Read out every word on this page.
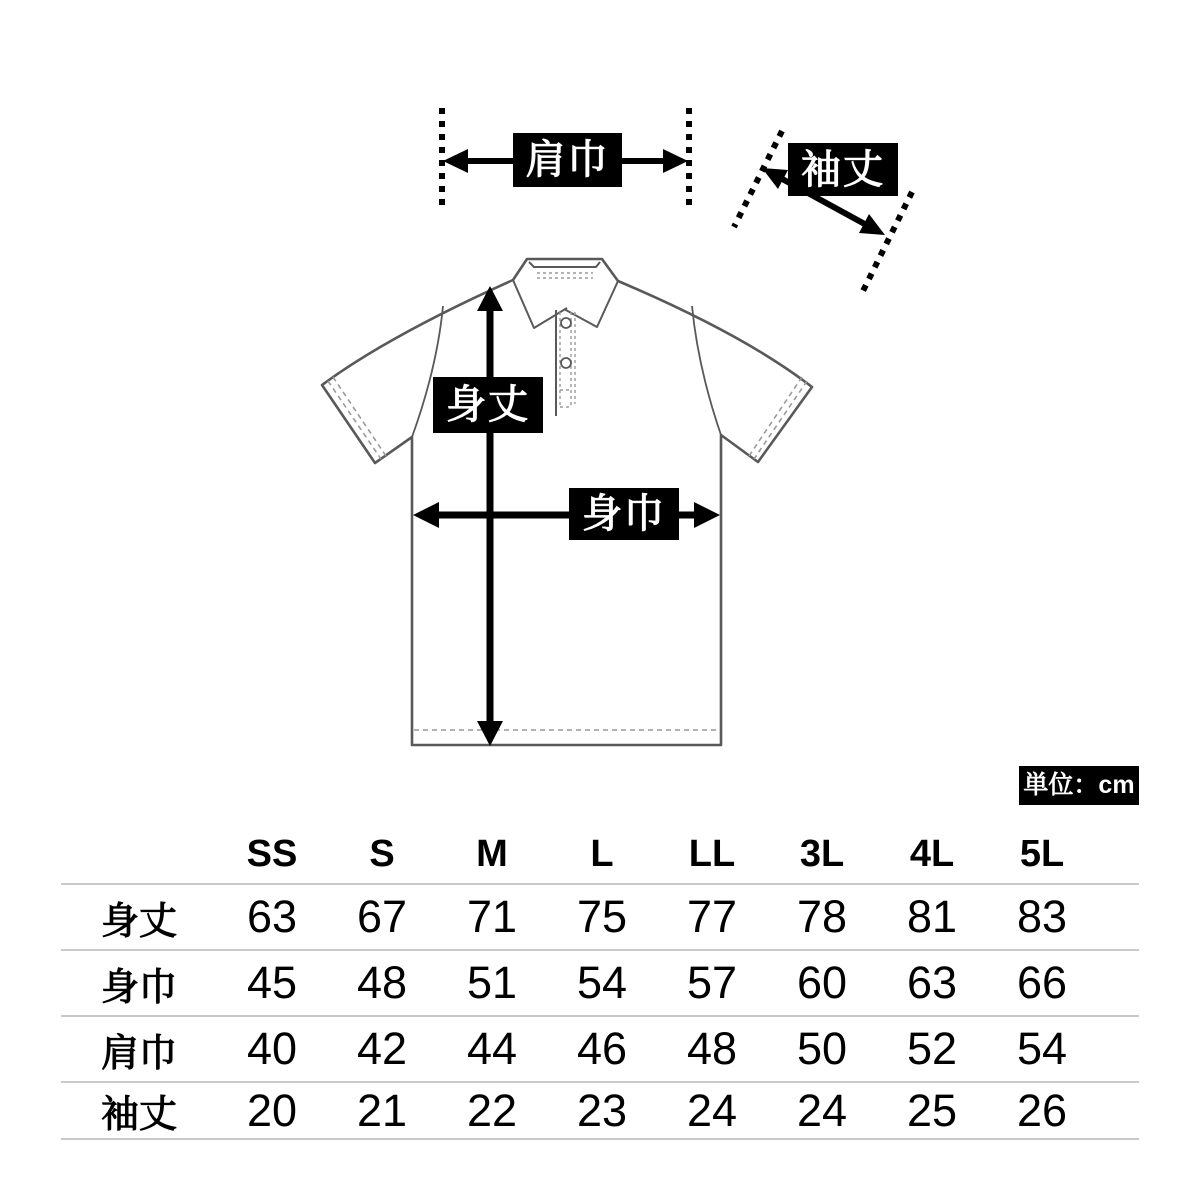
肩巾	袖丈
身丈
身巾
単位：cm
	SS	S	M	L	LL	3L	4L	5L	
身丈	63	67	71	75	77	78	81	83	
身巾	45	48	51	54	57	60	63	66	
肩巾	40	42	44	46	48	50	52	54	
袖丈	20	21	22	23	24	24	25	26	
